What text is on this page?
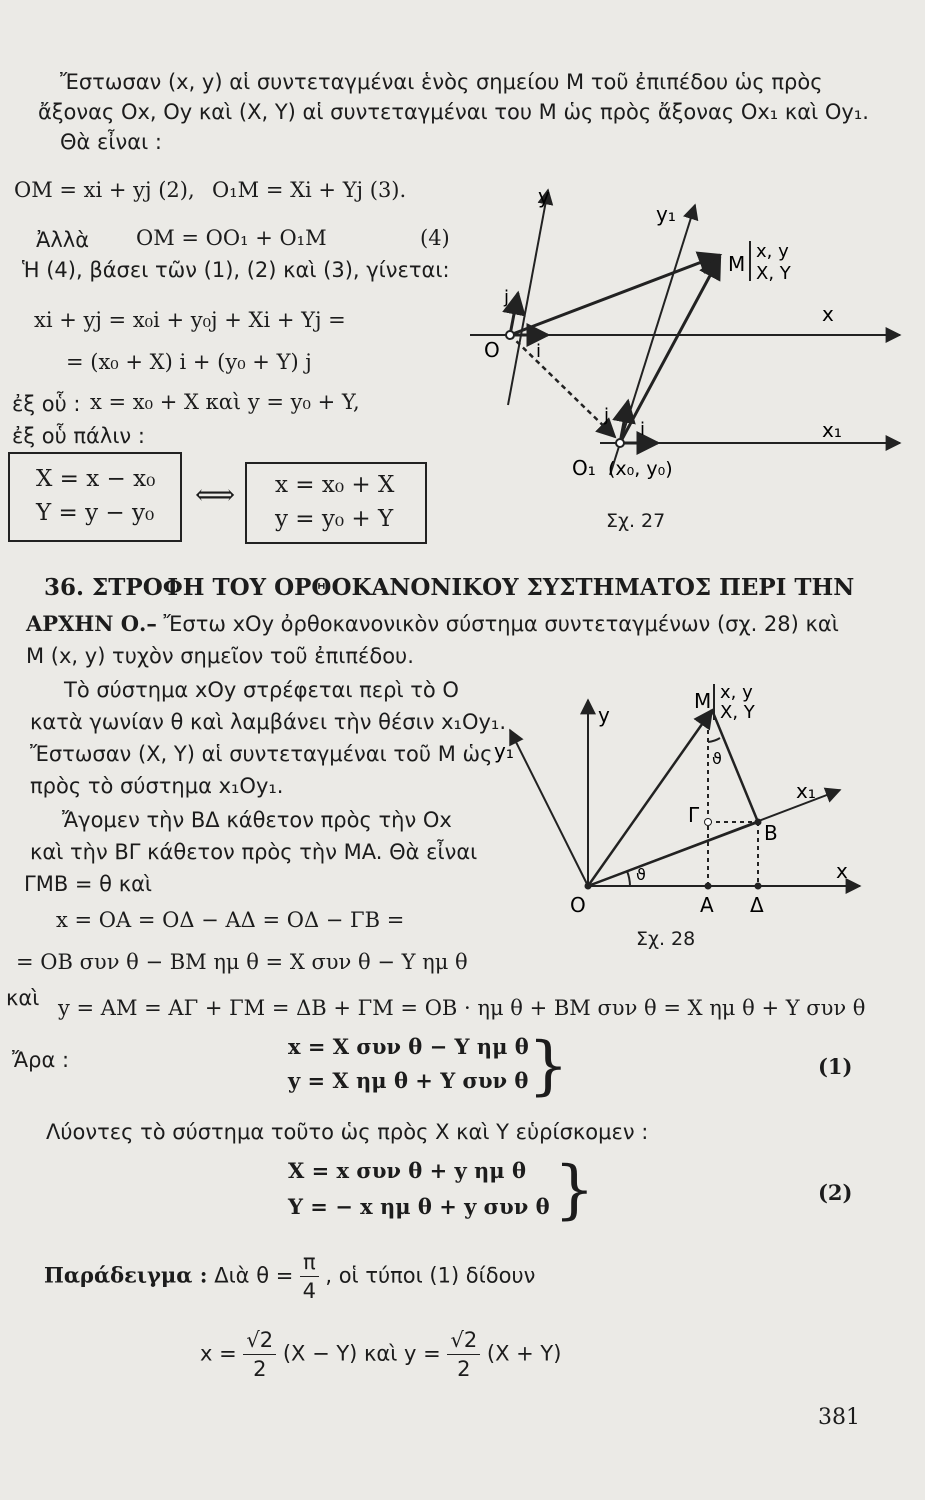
Ἔστωσαν (x, y) αἱ συντεταγμέναι ἑνὸς σημείου M τοῦ ἐπιπέδου ὡς πρὸς
ἄξονας Ox, Oy καὶ (X, Y) αἱ συντεταγμέναι του M ὡς πρὸς ἄξονας Ox₁ καὶ Oy₁.
Θὰ εἶναι :
OM = xi + yj (2), O₁M = Xi + Yj (3).
Ἀλλὰ OM = OO₁ + O₁M	(4)
Ἡ (4), βάσει τῶν (1), (2) καὶ (3), γίνεται:
xi + yj = x₀i + y₀j + Xi + Yj =
= (x₀ + X) i + (y₀ + Y) j
ἐξ οὗ : x = x₀ + X καὶ y = y₀ + Y,
ἐξ οὗ πάλιν :
X = x − x₀
Y = y − y₀
⟺ x = x₀ + X
y = y₀ + Y
y
y₁
x
x₁
O
O₁ (x₀, y₀)
M
x, y
X, Y
i
j
i
j
Σχ. 27
36. ΣΤΡΟΦΗ ΤΟΥ ΟΡΘΟΚΑΝΟΝΙΚΟΥ ΣΥΣΤΗΜΑΤΟΣ ΠΕΡΙ ΤΗΝ
ΑΡΧΗΝ Ο.– Ἔστω xOy ὀρθοκανονικὸν σύστημα συντεταγμένων (σχ. 28) καὶ
M (x, y) τυχὸν σημεῖον τοῦ ἐπιπέδου.
Τὸ σύστημα xOy στρέφεται περὶ τὸ O
κατὰ γωνίαν θ καὶ λαμβάνει τὴν θέσιν x₁Oy₁.
Ἔστωσαν (X, Y) αἱ συντεταγμέναι τοῦ M ὡς
πρὸς τὸ σύστημα x₁Oy₁.
Ἄγομεν τὴν ΒΔ κάθετον πρὸς τὴν Ox
καὶ τὴν ΒΓ κάθετον πρὸς τὴν MA. Θὰ εἶναι
ΓMB = θ καὶ
y
y₁
x
x₁
O	A Δ
B
Γ
M x, y
X, Y
ϑ
ϑ
Σχ. 28
x = OA = OΔ − AΔ = OΔ − ΓB =
= OB συν θ − BM ημ θ = X συν θ − Y ημ θ
καὶ y = AM = AΓ + ΓM = ΔB + ΓM = OB · ημ θ + BM συν θ = X ημ θ + Y συν θ
Ἄρα :
x = X συν θ − Y ημ θ
y = X ημ θ + Y συν θ }	(1)
Λύοντες τὸ σύστημα τοῦτο ὡς πρὸς X καὶ Y εὑρίσκομεν :
X = x συν θ + y ημ θ
Y = − x ημ θ + y συν θ }	(2)
Παράδειγμα : Διὰ $\theta = \frac{\pi}{4}$ , οἱ τύποι (1) δίδουν
$x = \frac{√2}{2} (X - Y)$ καὶ $y = \frac{√2}{2} (X + Y)$
381
